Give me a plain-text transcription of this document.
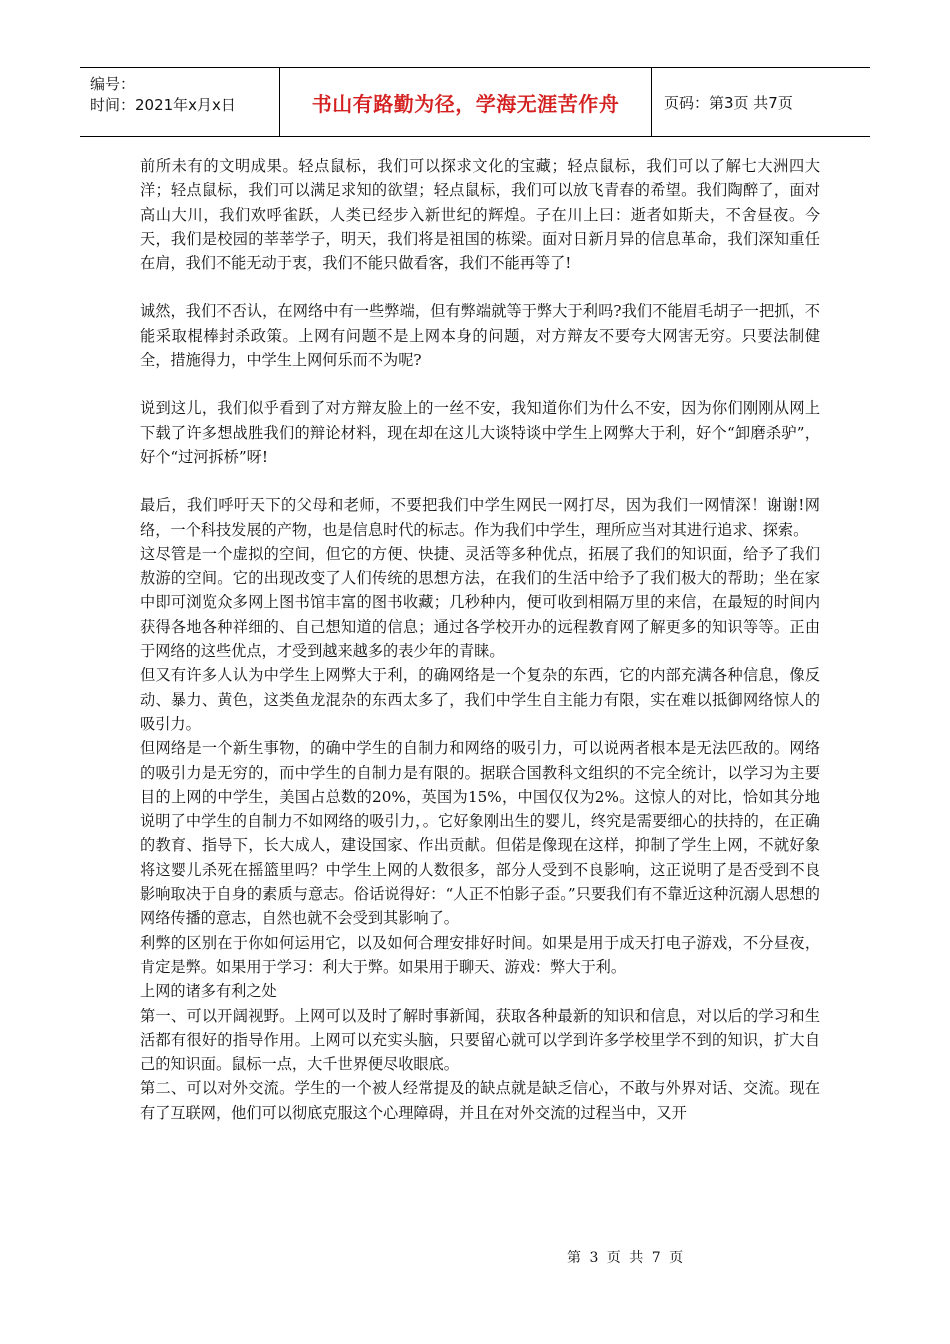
编号：
时间：2021年x月x日	书山有路勤为径，学海无涯苦作舟	页码：第3页 共7页

前所未有的文明成果。轻点鼠标，我们可以探求文化的宝藏；轻点鼠标，我们可以了解七大洲四大洋；轻点鼠标，我们可以满足求知的欲望；轻点鼠标，我们可以放飞青春的希望。我们陶醉了，面对高山大川，我们欢呼雀跃，人类已经步入新世纪的辉煌。子在川上曰：逝者如斯夫，不舍昼夜。今天，我们是校园的莘莘学子，明天，我们将是祖国的栋梁。面对日新月异的信息革命，我们深知重任在肩，我们不能无动于衷，我们不能只做看客，我们不能再等了!

诚然，我们不否认，在网络中有一些弊端，但有弊端就等于弊大于利吗?我们不能眉毛胡子一把抓，不能采取棍棒封杀政策。上网有问题不是上网本身的问题，对方辩友不要夸大网害无穷。只要法制健全，措施得力，中学生上网何乐而不为呢?

说到这儿，我们似乎看到了对方辩友脸上的一丝不安，我知道你们为什么不安，因为你们刚刚从网上下载了许多想战胜我们的辩论材料，现在却在这儿大谈特谈中学生上网弊大于利，好个“卸磨杀驴”，好个“过河拆桥”呀!

最后，我们呼吁天下的父母和老师，不要把我们中学生网民一网打尽，因为我们一网情深！谢谢!网络，一个科技发展的产物，也是信息时代的标志。作为我们中学生，理所应当对其进行追求、探索。

这尽管是一个虚拟的空间，但它的方便、快捷、灵活等多种优点，拓展了我们的知识面，给予了我们敖游的空间。它的出现改变了人们传统的思想方法，在我们的生活中给予了我们极大的帮助；坐在家中即可浏览众多网上图书馆丰富的图书收藏；几秒种内，便可收到相隔万里的来信，在最短的时间内获得各地各种祥细的、自己想知道的信息；通过各学校开办的远程教育网了解更多的知识等等。正由于网络的这些优点，才受到越来越多的表少年的青睐。

但又有许多人认为中学生上网弊大于利，的确网络是一个复杂的东西，它的内部充满各种信息，像反动、暴力、黄色，这类鱼龙混杂的东西太多了，我们中学生自主能力有限，实在难以抵御网络惊人的吸引力。

但网络是一个新生事物，的确中学生的自制力和网络的吸引力，可以说两者根本是无法匹敌的。网络的吸引力是无穷的，而中学生的自制力是有限的。据联合国教科文组织的不完全统计，以学习为主要目的上网的中学生，美国占总数的20%，英国为15%，中国仅仅为2%。这惊人的对比，恰如其分地说明了中学生的自制力不如网络的吸引力，。它好象刚出生的婴儿，终究是需要细心的扶持的，在正确的教育、指导下，长大成人，建设国家、作出贡献。但偌是像现在这样，抑制了学生上网，不就好象将这婴儿杀死在摇篮里吗？中学生上网的人数很多，部分人受到不良影响，这正说明了是否受到不良影响取决于自身的素质与意志。俗话说得好：“人正不怕影子歪。”只要我们有不靠近这种沉溺人思想的网络传播的意志，自然也就不会受到其影响了。

利弊的区别在于你如何运用它，以及如何合理安排好时间。如果是用于成天打电子游戏，不分昼夜，肯定是弊。如果用于学习：利大于弊。如果用于聊天、游戏：弊大于利。

上网的诸多有利之处

第一、可以开阔视野。上网可以及时了解时事新闻，获取各种最新的知识和信息，对以后的学习和生活都有很好的指导作用。上网可以充实头脑，只要留心就可以学到许多学校里学不到的知识，扩大自己的知识面。鼠标一点，大千世界便尽收眼底。

第二、可以对外交流。学生的一个被人经常提及的缺点就是缺乏信心，不敢与外界对话、交流。现在有了互联网，他们可以彻底克服这个心理障碍，并且在对外交流的过程当中，又开

第 3 页 共 7 页
